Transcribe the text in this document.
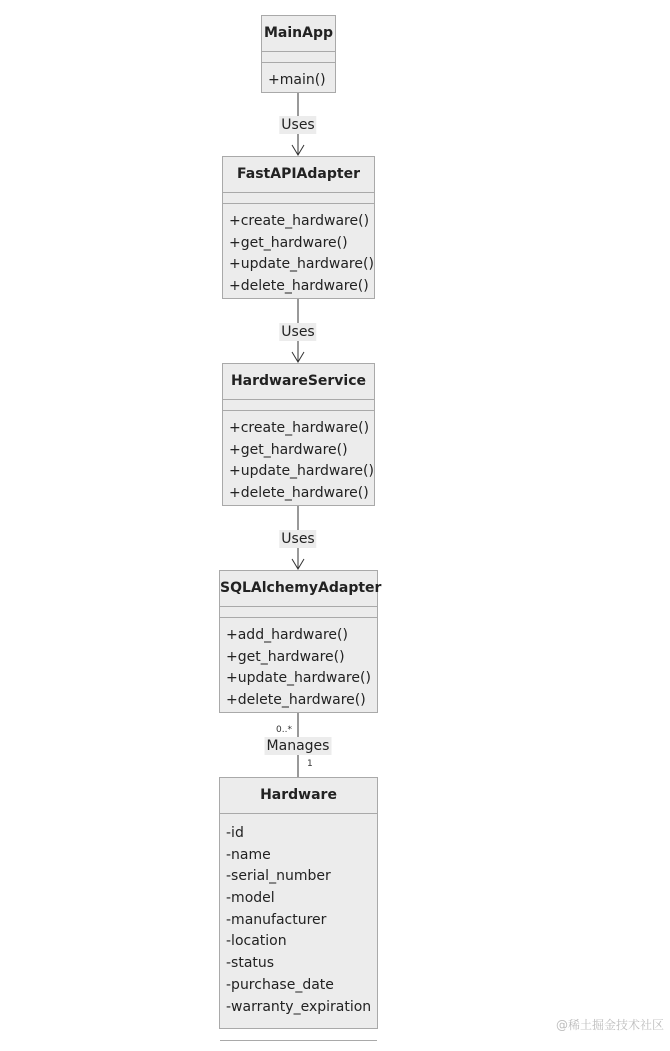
MainApp
+main()
FastAPIAdapter
+create_hardware()
+get_hardware()
+update_hardware()
+delete_hardware()
HardwareService
+create_hardware()
+get_hardware()
+update_hardware()
+delete_hardware()
SQLAlchemyAdapter
+add_hardware()
+get_hardware()
+update_hardware()
+delete_hardware()
Hardware
-id
-name
-serial_number
-model
-manufacturer
-location
-status
-purchase_date
-warranty_expiration
Uses
Uses
Uses
Manages
0..*
1
@稀土掘金技术社区
